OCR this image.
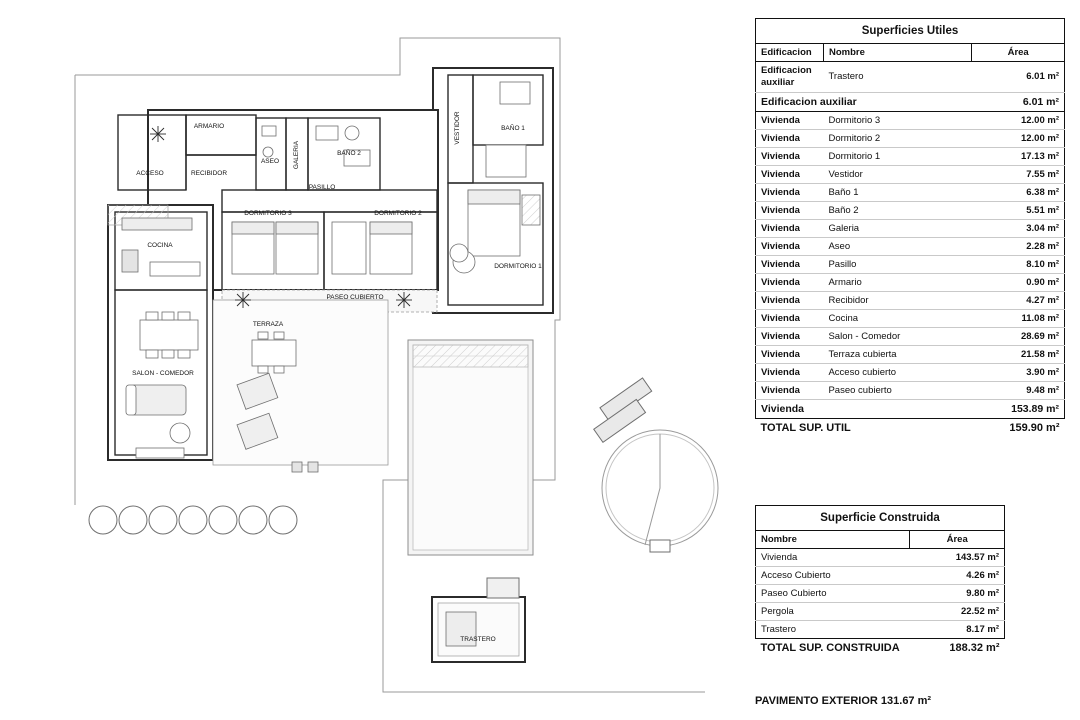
ACCESO
ARMARIO
RECIBIDOR
ASEO GALERIA	BAÑO 2
BAÑO 1
VESTIDOR
PASILLO
DORMITORIO 3	DORMITORIO 2
DORMITORIO 1
COCINA
SALON - COMEDOR
TERRAZA
PASEO CUBIERTO
TRASTERO
Superficies Utiles
Edificacion	Nombre	Área
Edificacion
auxiliar	Trastero	6.01 m²
Edificacion auxiliar		6.01 m²
Vivienda	Dormitorio 3	12.00 m²
Vivienda	Dormitorio 2	12.00 m²
Vivienda	Dormitorio 1	17.13 m²
Vivienda	Vestidor	7.55 m²
Vivienda	Baño 1	6.38 m²
Vivienda	Baño 2	5.51 m²
Vivienda	Galeria	3.04 m²
Vivienda	Aseo	2.28 m²
Vivienda	Pasillo	8.10 m²
Vivienda	Armario	0.90 m²
Vivienda	Recibidor	4.27 m²
Vivienda	Cocina	11.08 m²
Vivienda	Salon - Comedor	28.69 m²
Vivienda	Terraza cubierta	21.58 m²
Vivienda	Acceso cubierto	3.90 m²
Vivienda	Paseo cubierto	9.48 m²
Vivienda		153.89 m²
TOTAL SUP. UTIL		159.90 m²
Superficie Construida
Nombre	Área
Vivienda	143.57 m²
Acceso Cubierto	4.26 m²
Paseo Cubierto	9.80 m²
Pergola	22.52 m²
Trastero	8.17 m²
TOTAL SUP. CONSTRUIDA	188.32 m²
PAVIMENTO EXTERIOR 131.67 m²
